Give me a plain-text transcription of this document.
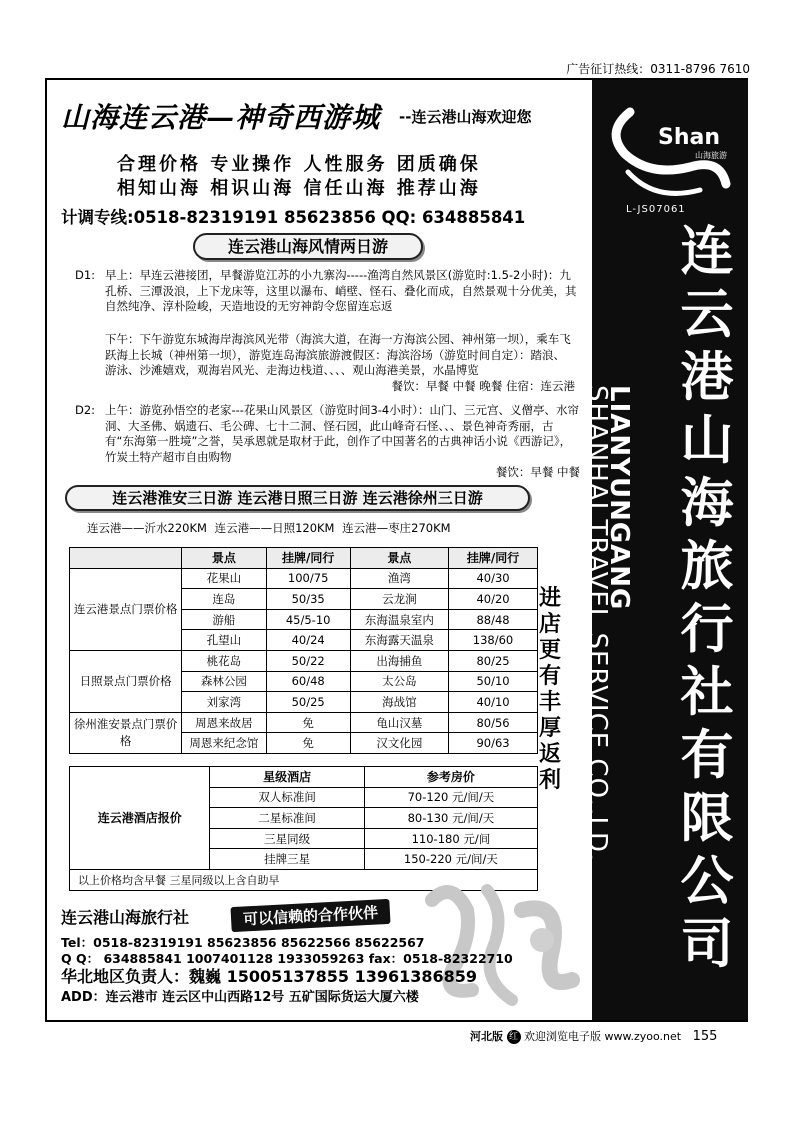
广告征订热线：0311-8796 7610
山海连云港—神奇西游城 --连云港山海欢迎您
合理价格 专业操作 人性服务 团质确保
相知山海 相识山海 信任山海 推荐山海
计调专线:0518-82319191 85623856 QQ: 634885841
连云港山海风情两日游
D1: 早上：早连云港接团，早餐游览江苏的小九寨沟-----渔湾自然风景区(游览时:1.5-2小时)：九孔桥、三潭汲浪，上下龙床等，这里以瀑布、峭壁、怪石、叠化而成，自然景观十分优美，其自然纯净、淳朴险峻，天造地设的无穷神韵令您留连忘返
下午：下午游览东城海岸海滨风光带（海滨大道，在海一方海滨公园、神州第一坝），乘车飞跃海上长城（神州第一坝），游览连岛海滨旅游渡假区：海滨浴场（游览时间自定）：踏浪、游泳、沙滩嬉戏，观海岩风光、走海边栈道、、、、观山海港美景，水晶博览
餐饮：早餐 中餐 晚餐 住宿：连云港
D2: 上午：游览孙悟空的老家---花果山风景区（游览时间3-4小时）：山门、三元宫、义僧亭、水帘洞、大圣佛、娲遗石、毛公碑、七十二洞、怪石园，此山峰奇石怪、、、景色神奇秀丽，古有“东海第一胜境”之誉，吴承恩就是取材于此，创作了中国著名的古典神话小说《西游记》，竹炭土特产超市自由购物
餐饮：早餐 中餐
连云港淮安三日游 连云港日照三日游 连云港徐州三日游
连云港——沂水220KM 连云港——日照120KM 连云港—枣庄270KM
	景点	挂牌/同行	景点	挂牌/同行
连云港景点门票价格	花果山	100/75	渔湾	40/30
	连岛	50/35	云龙涧	40/20
	游船	45/5-10	东海温泉室内	88/48
	孔望山	40/24	东海露天温泉	138/60
日照景点门票价格	桃花岛	50/22	出海捕鱼	80/25
	森林公园	60/48	太公岛	50/10
	刘家湾	50/25	海战馆	40/10
徐州淮安景点门票价格	周恩来故居	免	龟山汉墓	80/56
	周恩来纪念馆	免	汉文化园	90/63
连云港酒店报价	星级酒店	参考房价
	双人标准间	70-120 元/间/天
	二星标准间	80-130 元/间/天
	三星同级	110-180 元/间
	挂牌三星	150-220 元/间/天
以上价格均含早餐 三星同级以上含自助早		
进店更有丰厚返利
连云港山海旅行社	可以信赖的合作伙伴
Tel：0518-82319191 85623856 85622566 85622567
Q Q： 634885841 1007401128 1933059263 fax：0518-82322710
华北地区负责人：魏巍 15005137855 13961386859
ADD：连云港市 连云区中山西路12号 五矿国际货运大厦六楼
Shan
山海旅游
L-JS07061
连云港山海旅行社有限公司
LIANYUNGANG
SHANHAI TRAVEL SERVICE CO.,LD.
河北版 红 欢迎浏览电子版 www.zyoo.net 155
